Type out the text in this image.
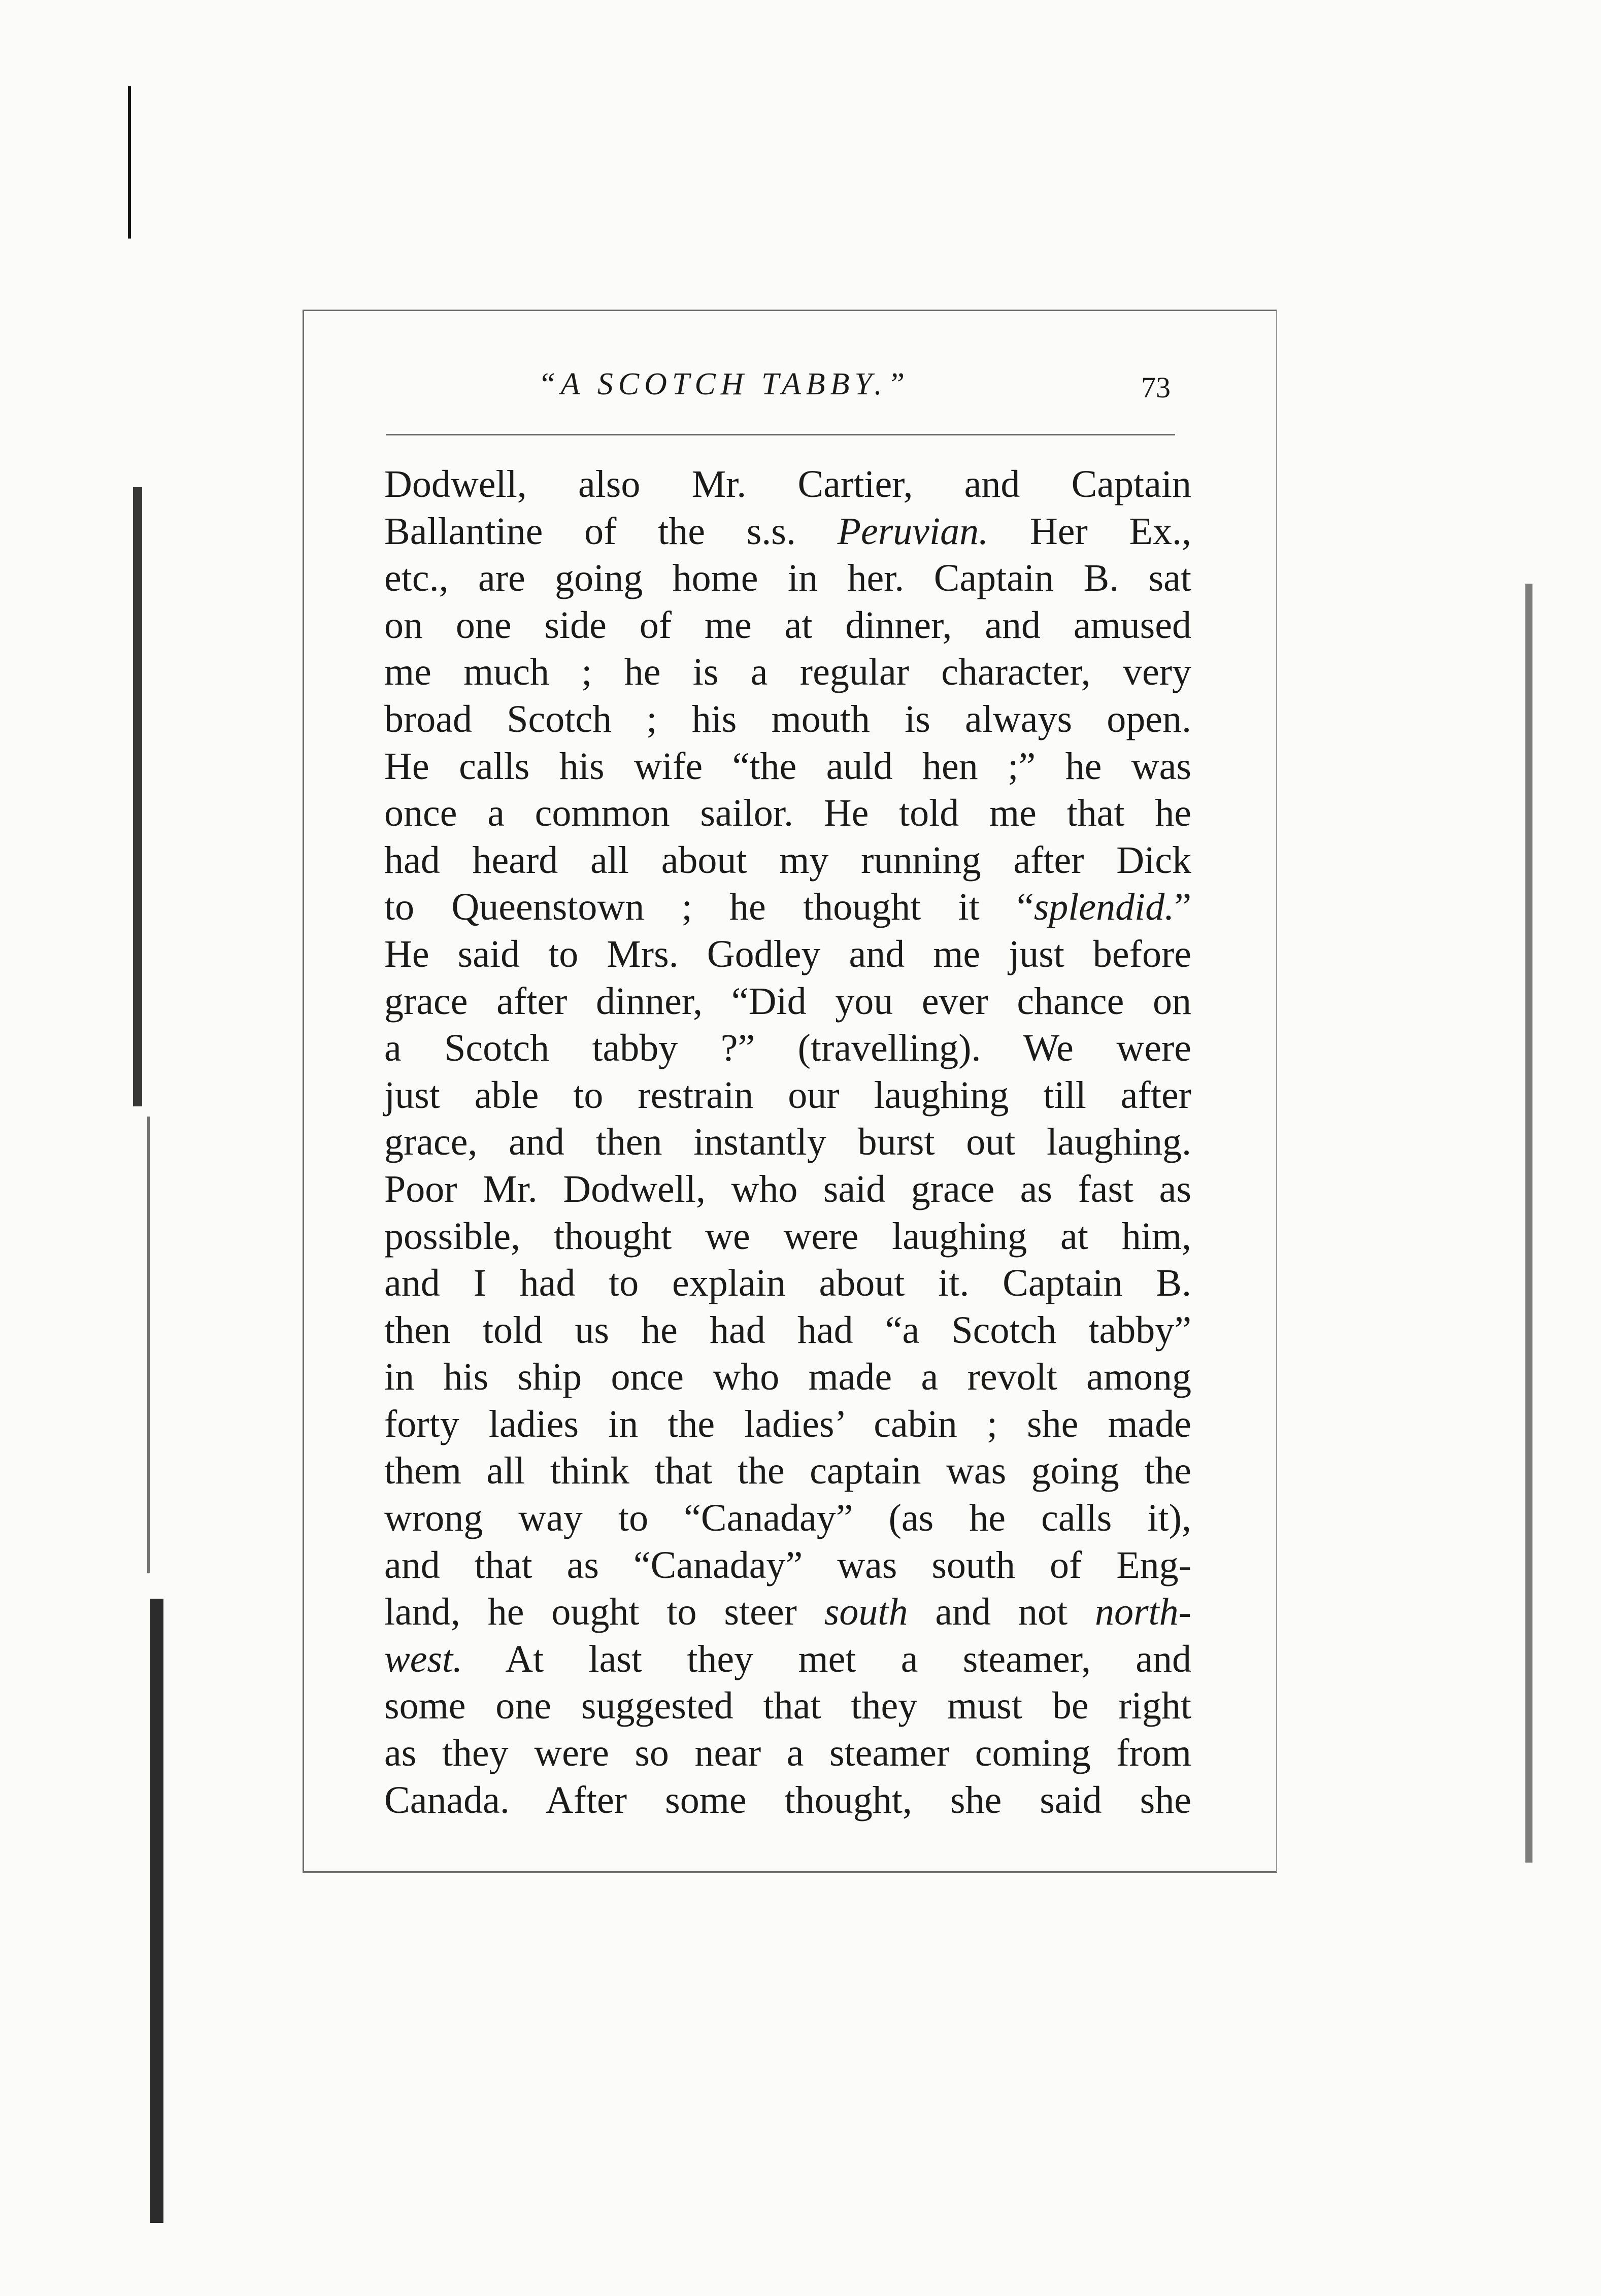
“A SCOTCH TABBY.”	73
Dodwell, also Mr. Cartier, and Captain
Ballantine of the s.s. Peruvian. Her Ex.,
etc., are going home in her. Captain B. sat
on one side of me at dinner, and amused
me much ; he is a regular character, very
broad Scotch ; his mouth is always open.
He calls his wife “the auld hen ;” he was
once a common sailor. He told me that he
had heard all about my running after Dick
to Queenstown ; he thought it “splendid.”
He said to Mrs. Godley and me just before
grace after dinner, “Did you ever chance on
a Scotch tabby ?” (travelling). We were
just able to restrain our laughing till after
grace, and then instantly burst out laughing.
Poor Mr. Dodwell, who said grace as fast as
possible, thought we were laughing at him,
and I had to explain about it. Captain B.
then told us he had had “a Scotch tabby”
in his ship once who made a revolt among
forty ladies in the ladies’ cabin ; she made
them all think that the captain was going the
wrong way to “Canaday” (as he calls it),
and that as “Canaday” was south of Eng-
land, he ought to steer south and not north-
west. At last they met a steamer, and
some one suggested that they must be right
as they were so near a steamer coming from
Canada. After some thought, she said she
